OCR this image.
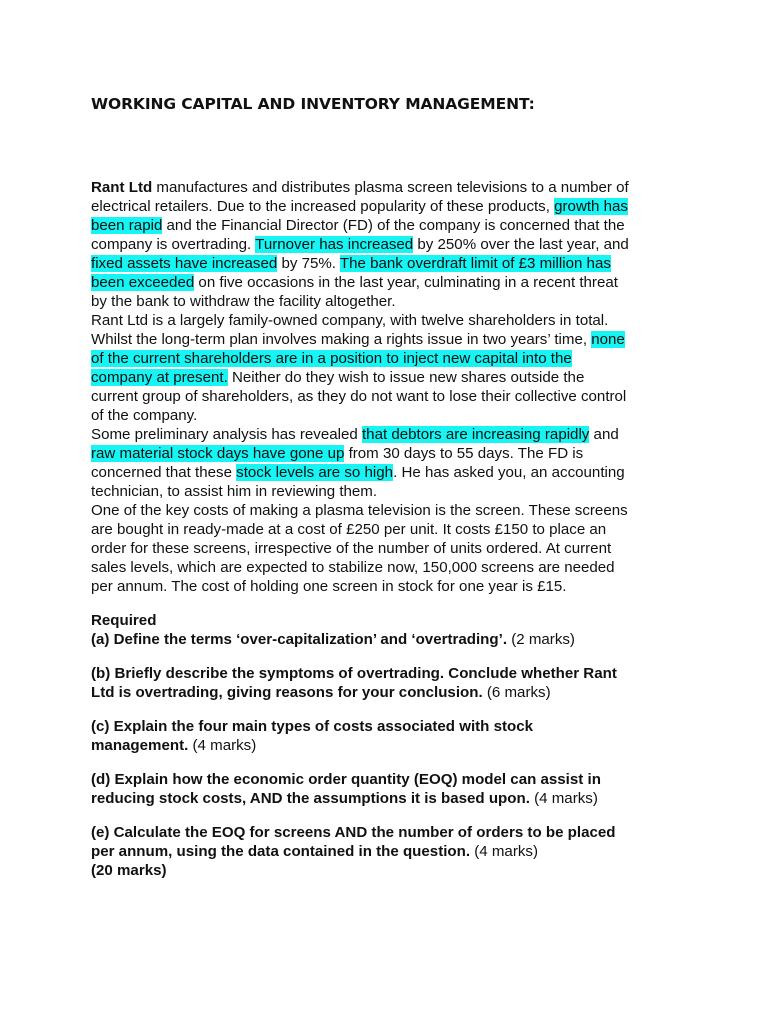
WORKING CAPITAL AND INVENTORY MANAGEMENT:
Rant Ltd manufactures and distributes plasma screen televisions to a number of
electrical retailers. Due to the increased popularity of these products, growth has
been rapid and the Financial Director (FD) of the company is concerned that the
company is overtrading. Turnover has increased by 250% over the last year, and
fixed assets have increased by 75%. The bank overdraft limit of £3 million has
been exceeded on five occasions in the last year, culminating in a recent threat
by the bank to withdraw the facility altogether.
Rant Ltd is a largely family-owned company, with twelve shareholders in total.
Whilst the long-term plan involves making a rights issue in two years’ time, none
of the current shareholders are in a position to inject new capital into the
company at present. Neither do they wish to issue new shares outside the
current group of shareholders, as they do not want to lose their collective control
of the company.
Some preliminary analysis has revealed that debtors are increasing rapidly and
raw material stock days have gone up from 30 days to 55 days. The FD is
concerned that these stock levels are so high. He has asked you, an accounting
technician, to assist him in reviewing them.
One of the key costs of making a plasma television is the screen. These screens
are bought in ready-made at a cost of £250 per unit. It costs £150 to place an
order for these screens, irrespective of the number of units ordered. At current
sales levels, which are expected to stabilize now, 150,000 screens are needed
per annum. The cost of holding one screen in stock for one year is £15.
Required
(a) Define the terms ‘over-capitalization’ and ‘overtrading’. (2 marks)
(b) Briefly describe the symptoms of overtrading. Conclude whether Rant
Ltd is overtrading, giving reasons for your conclusion. (6 marks)
(c) Explain the four main types of costs associated with stock
management. (4 marks)
(d) Explain how the economic order quantity (EOQ) model can assist in
reducing stock costs, AND the assumptions it is based upon. (4 marks)
(e) Calculate the EOQ for screens AND the number of orders to be placed
per annum, using the data contained in the question. (4 marks)
(20 marks)
